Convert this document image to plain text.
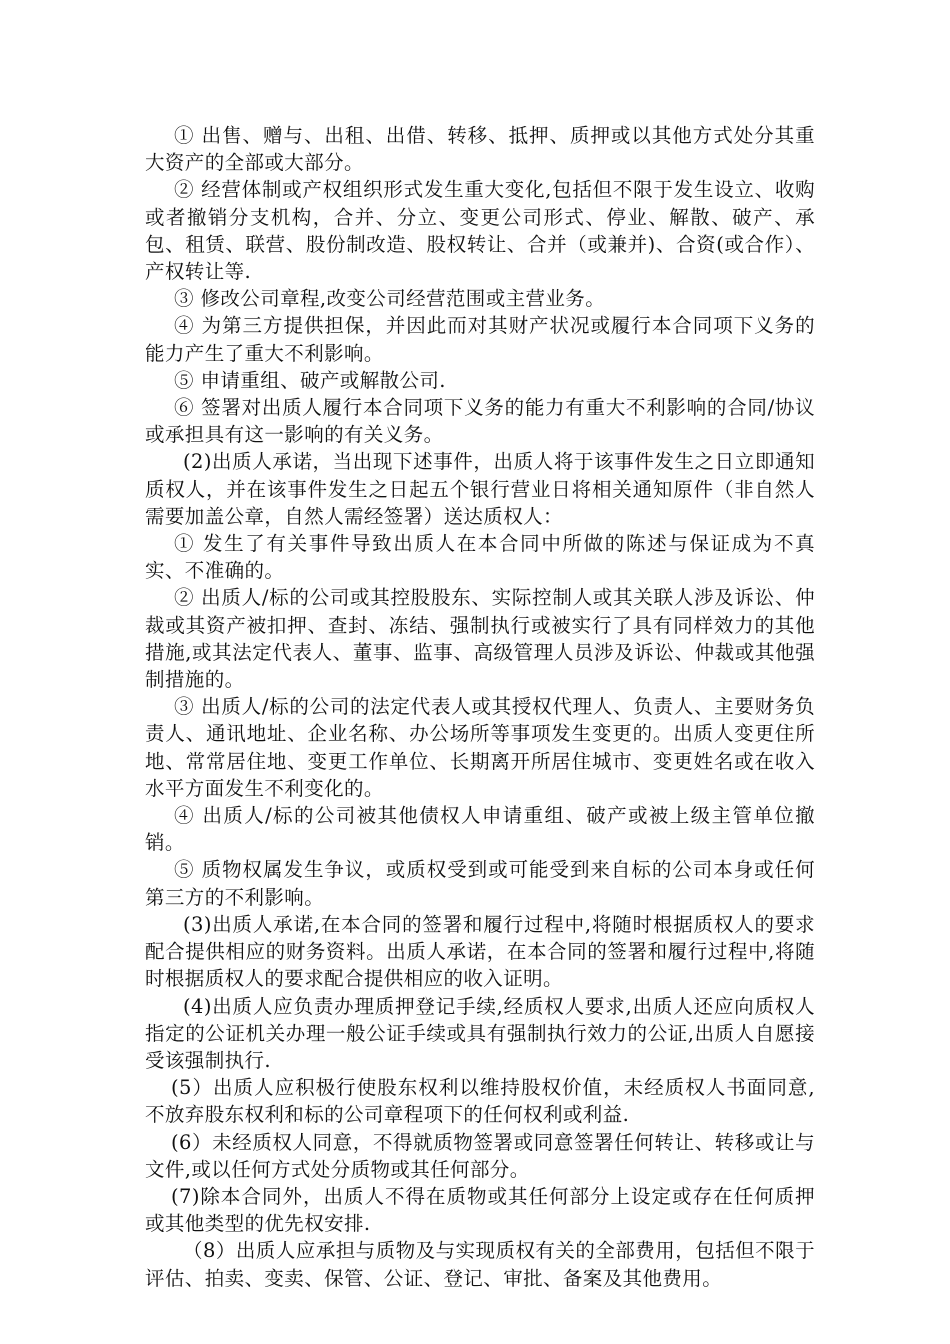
① 出售、赠与、出租、出借、转移、抵押、质押或以其他方式处分其重大资产的全部或大部分。

② 经营体制或产权组织形式发生重大变化,包括但不限于发生设立、收购或者撤销分支机构，合并、分立、变更公司形式、停业、解散、破产、承包、租赁、联营、股份制改造、股权转让、合并（或兼并)、合资(或合作）、产权转让等.

③ 修改公司章程,改变公司经营范围或主营业务。

④ 为第三方提供担保，并因此而对其财产状况或履行本合同项下义务的能力产生了重大不利影响。

⑤ 申请重组、破产或解散公司.

⑥ 签署对出质人履行本合同项下义务的能力有重大不利影响的合同/协议或承担具有这一影响的有关义务。

(2)出质人承诺，当出现下述事件，出质人将于该事件发生之日立即通知质权人，并在该事件发生之日起五个银行营业日将相关通知原件（非自然人需要加盖公章，自然人需经签署）送达质权人：

① 发生了有关事件导致出质人在本合同中所做的陈述与保证成为不真实、不准确的。

② 出质人/标的公司或其控股股东、实际控制人或其关联人涉及诉讼、仲裁或其资产被扣押、查封、冻结、强制执行或被实行了具有同样效力的其他措施,或其法定代表人、董事、监事、高级管理人员涉及诉讼、仲裁或其他强制措施的。

③ 出质人/标的公司的法定代表人或其授权代理人、负责人、主要财务负责人、通讯地址、企业名称、办公场所等事项发生变更的。出质人变更住所地、常常居住地、变更工作单位、长期离开所居住城市、变更姓名或在收入水平方面发生不利变化的。

④ 出质人/标的公司被其他债权人申请重组、破产或被上级主管单位撤销。

⑤ 质物权属发生争议，或质权受到或可能受到来自标的公司本身或任何第三方的不利影响。

(3)出质人承诺,在本合同的签署和履行过程中,将随时根据质权人的要求配合提供相应的财务资料。出质人承诺，在本合同的签署和履行过程中,将随时根据质权人的要求配合提供相应的收入证明。

(4)出质人应负责办理质押登记手续,经质权人要求,出质人还应向质权人指定的公证机关办理一般公证手续或具有强制执行效力的公证,出质人自愿接受该强制执行.

(5）出质人应积极行使股东权利以维持股权价值，未经质权人书面同意,不放弃股东权利和标的公司章程项下的任何权利或利益.

(6）未经质权人同意，不得就质物签署或同意签署任何转让、转移或让与文件,或以任何方式处分质物或其任何部分。

(7)除本合同外，出质人不得在质物或其任何部分上设定或存在任何质押或其他类型的优先权安排.

（8）出质人应承担与质物及与实现质权有关的全部费用，包括但不限于评估、拍卖、变卖、保管、公证、登记、审批、备案及其他费用。
